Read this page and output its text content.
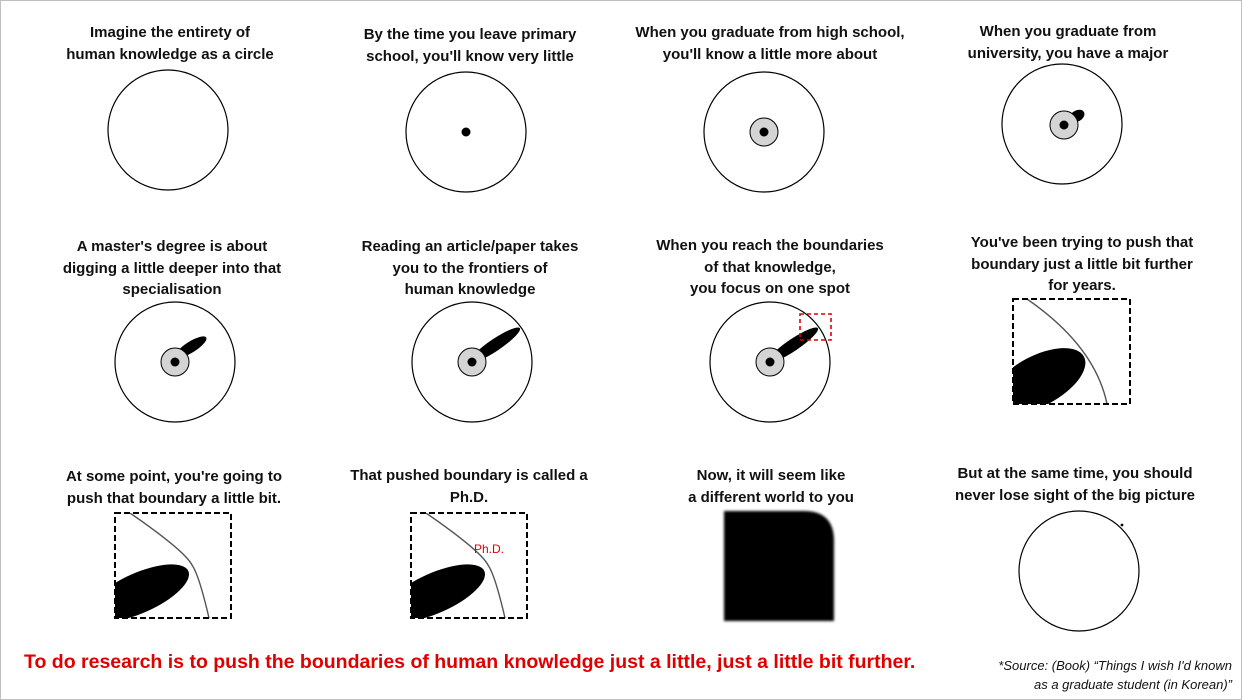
Imagine the entirety of
human knowledge as a circle
By the time you leave primary
school, you'll know very little
When you graduate from high school,
you'll know a little more about
When you graduate from
university, you have a major
A master's degree is about
digging a little deeper into that
specialisation
Reading an article/paper takes
you to the frontiers of
human knowledge
When you reach the boundaries
of that knowledge,
you focus on one spot
You've been trying to push that
boundary just a little bit further
for years.
At some point, you're going to
push that boundary a little bit.
That pushed boundary is called a
Ph.D.
Now, it will seem like
a different world to you
But at the same time, you should
never lose sight of the big picture
Ph.D.
To do research is to push the boundaries of human knowledge just a little, just a little bit further.	*Source: (Book) “Things I wish I'd known
as a graduate student (in Korean)”
